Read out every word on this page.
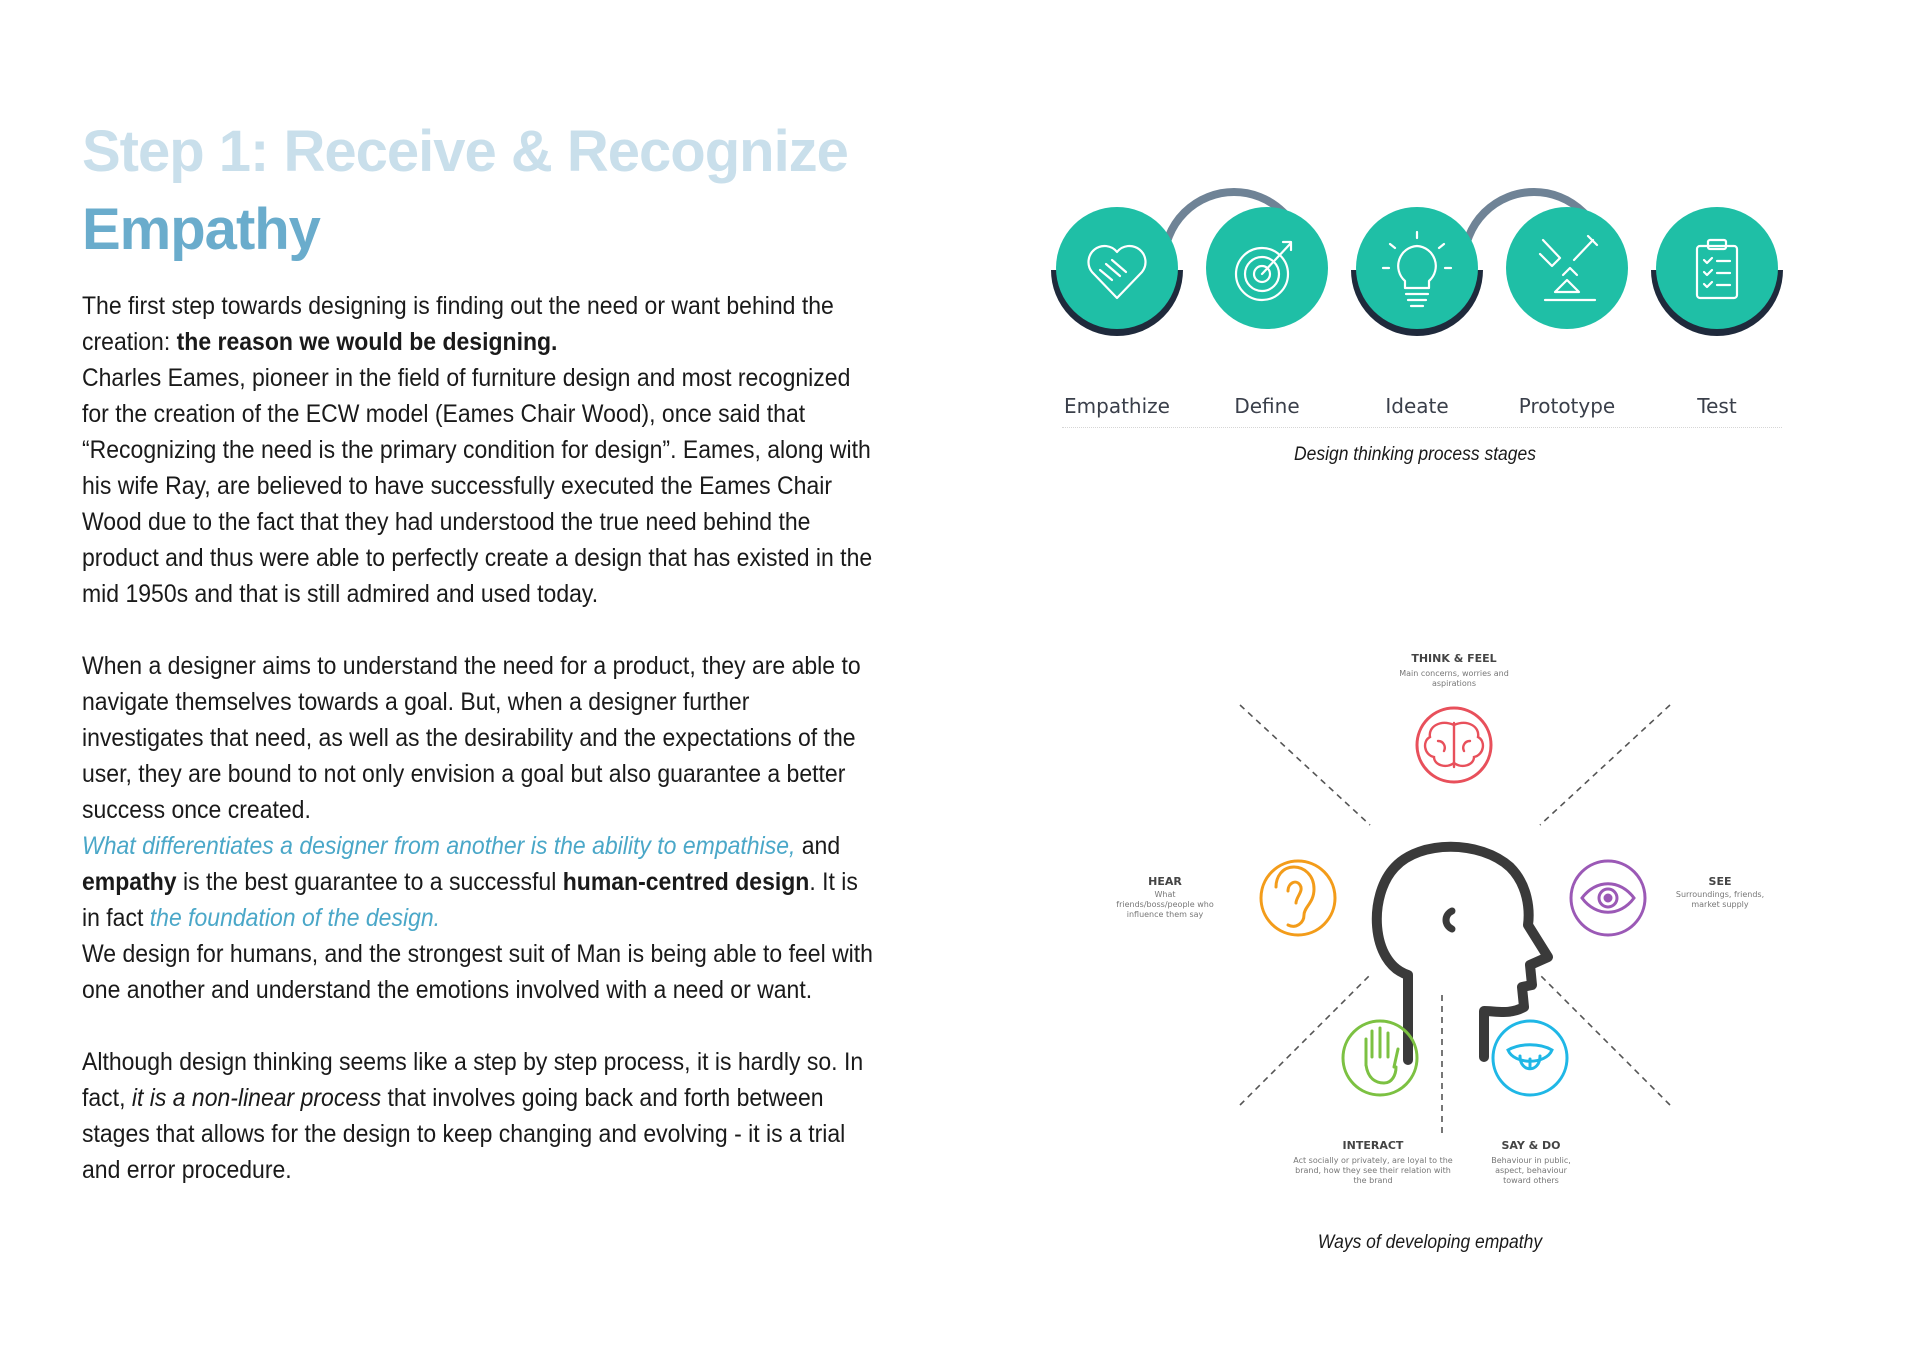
Step 1: Receive & Recognize
Empathy

The first step towards designing is finding out the need or want behind the creation: the reason we would be designing.

Charles Eames, pioneer in the field of furniture design and most recognized for the creation of the ECW model (Eames Chair Wood), once said that “Recognizing the need is the primary condition for design”. Eames, along with his wife Ray, are believed to have successfully executed the Eames Chair Wood due to the fact that they had understood the true need behind the product and thus were able to perfectly create a design that has existed in the mid 1950s and that is still admired and used today.

When a designer aims to understand the need for a product, they are able to navigate themselves towards a goal. But, when a designer further investigates that need, as well as the desirability and the expectations of the user, they are bound to not only envision a goal but also guarantee a better success once created.

What differentiates a designer from another is the ability to empathise, and empathy is the best guarantee to a successful human-centred design. It is in fact the foundation of the design.

We design for humans, and the strongest suit of Man is being able to feel with one another and understand the emotions involved with a need or want.

Although design thinking seems like a step by step process, it is hardly so. In fact, it is a non-linear process that involves going back and forth between stages that allows for the design to keep changing and evolving - it is a trial and error procedure.

Empathize	Define	Ideate	Prototype	Test
Design thinking process stages
THINK & FEEL
Main concerns, worries and aspirations
HEAR
What friends/boss/people who influence them say
SEE
Surroundings, friends, market supply
INTERACT
Act socially or privately, are loyal to the brand, how they see their relation with the brand
SAY & DO
Behaviour in public, aspect, behaviour toward others
Ways of developing empathy
